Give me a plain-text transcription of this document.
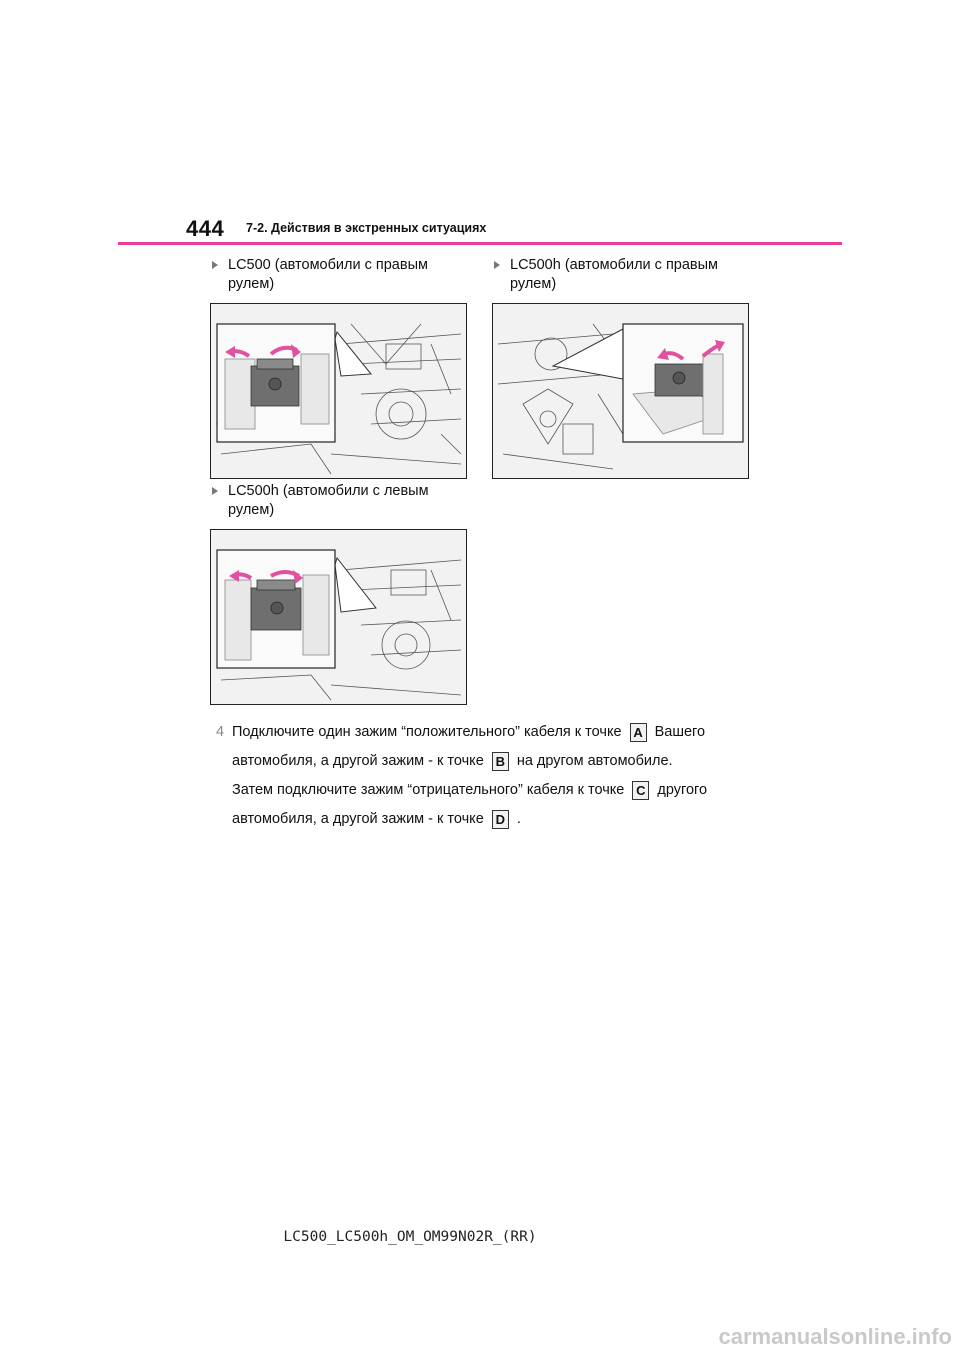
444 7-2. Действия в экстренных ситуациях
LC500 (автомобили с правым
рулем)
LC500h (автомобили с правым
рулем)
LC500h (автомобили с левым
рулем)
4 Подключите один зажим “положительного” кабеля к точке A Вашего автомобиля, а другой зажим - к точке B на другом автомобиле.
Затем подключите зажим “отрицательного” кабеля к точке C другого автомобиля, а другой зажим - к точке D .
LC500_LC500h_OM_OM99N02R_(RR)
carmanualsonline.info
